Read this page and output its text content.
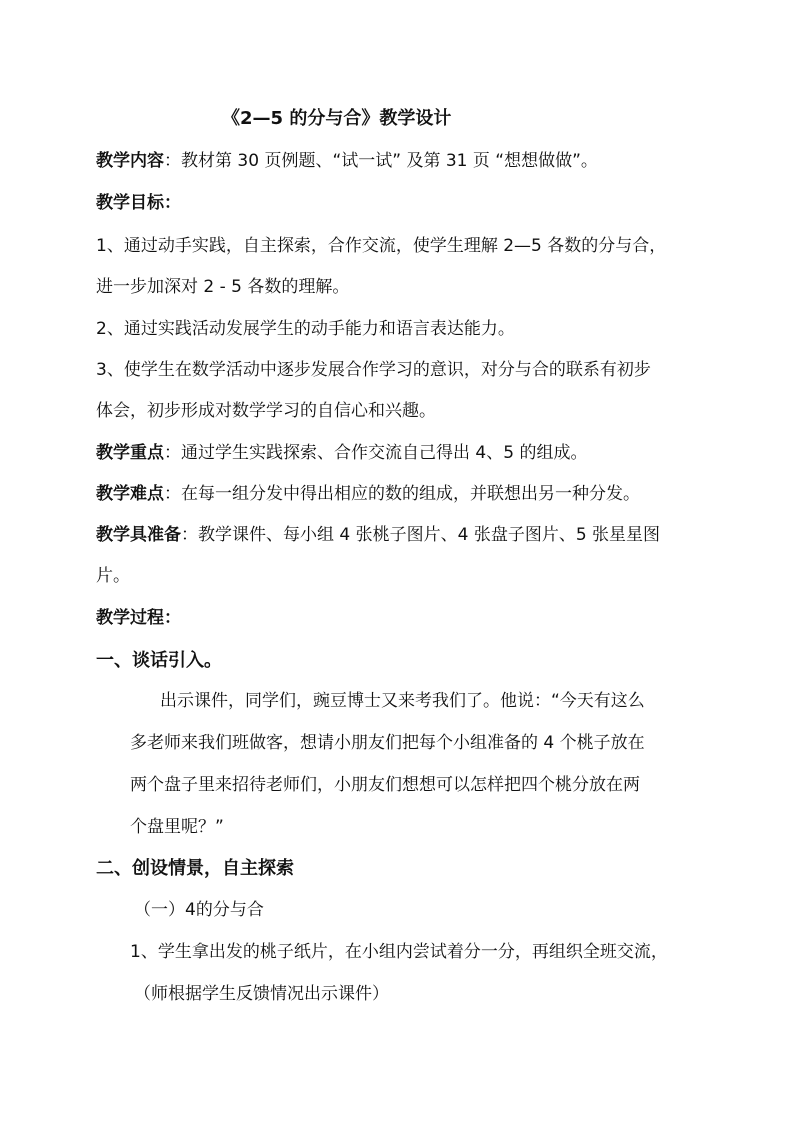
《2—5 的分与合》教学设计
教学内容：教材第 30 页例题、“试一试” 及第 31 页 “想想做做”。
教学目标：
1、通过动手实践，自主探索，合作交流，使学生理解 2—5 各数的分与合，
进一步加深对 2 - 5 各数的理解。
2、通过实践活动发展学生的动手能力和语言表达能力。
3、使学生在数学活动中逐步发展合作学习的意识，对分与合的联系有初步
体会，初步形成对数学学习的自信心和兴趣。
教学重点：通过学生实践探索、合作交流自己得出 4、5 的组成。
教学难点：在每一组分发中得出相应的数的组成，并联想出另一种分发。
教学具准备：教学课件、每小组 4 张桃子图片、4 张盘子图片、5 张星星图
片。
教学过程：
一、谈话引入。
出示课件，同学们，豌豆博士又来考我们了。他说：“今天有这么
多老师来我们班做客，想请小朋友们把每个小组准备的 4 个桃子放在
两个盘子里来招待老师们，小朋友们想想可以怎样把四个桃分放在两
个盘里呢？”
二、创设情景，自主探索
（一）4的分与合
1、学生拿出发的桃子纸片，在小组内尝试着分一分，再组织全班交流，
（师根据学生反馈情况出示课件）
